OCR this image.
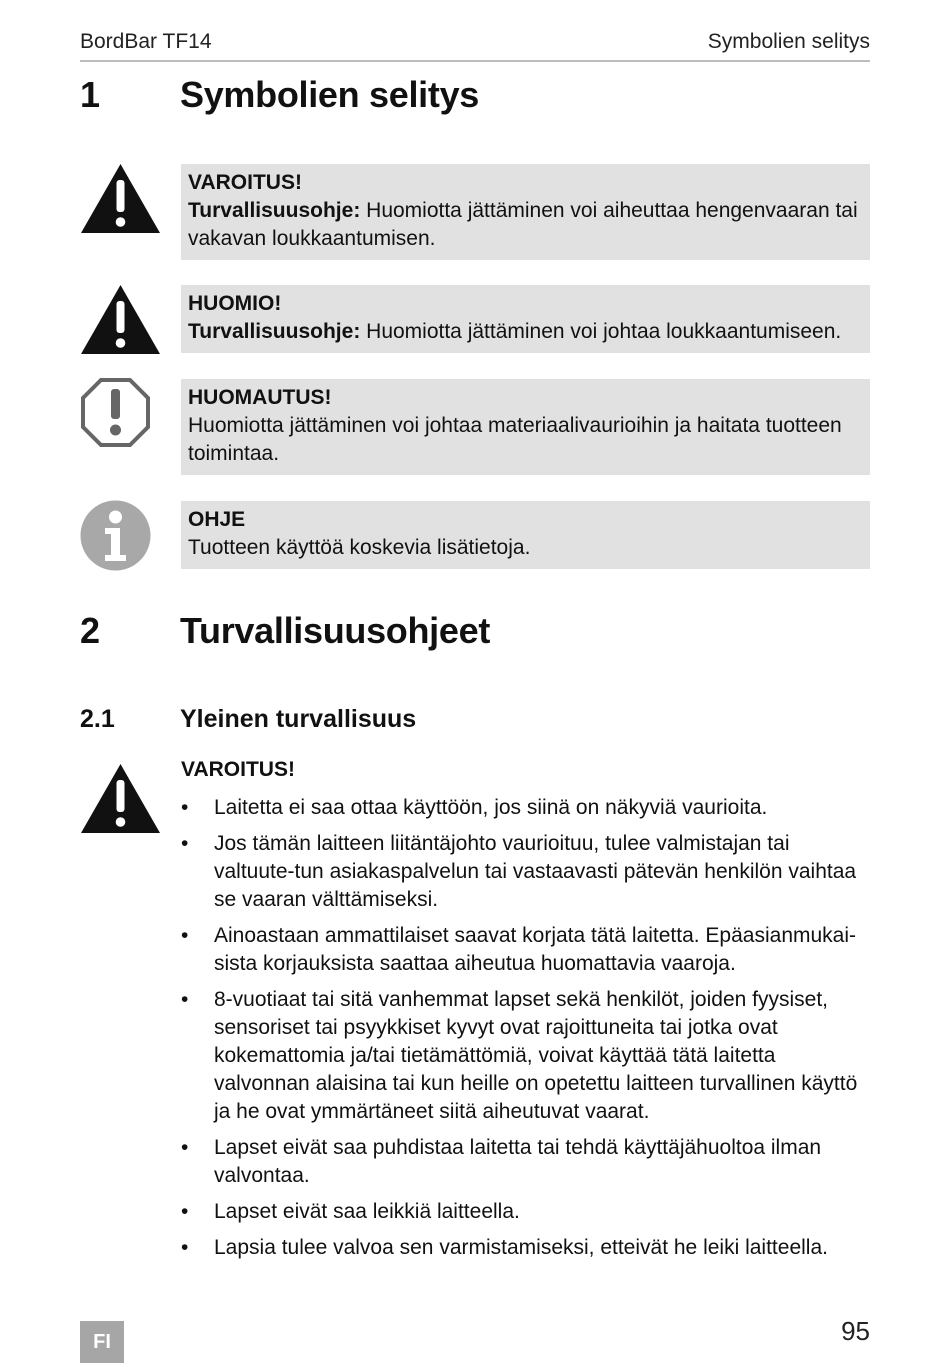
BordBar TF14	Symbolien selitys
1 Symbolien selitys
VAROITUS!
Turvallisuusohje: Huomiotta jättäminen voi aiheuttaa hengenvaaran tai vakavan loukkaantumisen.
HUOMIO!
Turvallisuusohje: Huomiotta jättäminen voi johtaa loukkaantumiseen.
HUOMAUTUS!
Huomiotta jättäminen voi johtaa materiaalivaurioihin ja haitata tuotteen toimintaa.
OHJE
Tuotteen käyttöä koskevia lisätietoja.
2 Turvallisuusohjeet
2.1	Yleinen turvallisuus
VAROITUS!
• Laitetta ei saa ottaa käyttöön, jos siinä on näkyviä vaurioita.
• Jos tämän laitteen liitäntäjohto vaurioituu, tulee valmistajan tai valtuute-tun asiakaspalvelun tai vastaavasti pätevän henkilön vaihtaa se vaaran välttämiseksi.
• Ainoastaan ammattilaiset saavat korjata tätä laitetta. Epäasianmukai-sista korjauksista saattaa aiheutua huomattavia vaaroja.
• 8-vuotiaat tai sitä vanhemmat lapset sekä henkilöt, joiden fyysiset, sensoriset tai psyykkiset kyvyt ovat rajoittuneita tai jotka ovat kokemattomia ja/tai tietämättömiä, voivat käyttää tätä laitetta valvonnan alaisina tai kun heille on opetettu laitteen turvallinen käyttö ja he ovat ymmärtäneet siitä aiheutuvat vaarat.
• Lapset eivät saa puhdistaa laitetta tai tehdä käyttäjähuoltoa ilman valvontaa.
• Lapset eivät saa leikkiä laitteella.
• Lapsia tulee valvoa sen varmistamiseksi, etteivät he leiki laitteella.
FI	95
